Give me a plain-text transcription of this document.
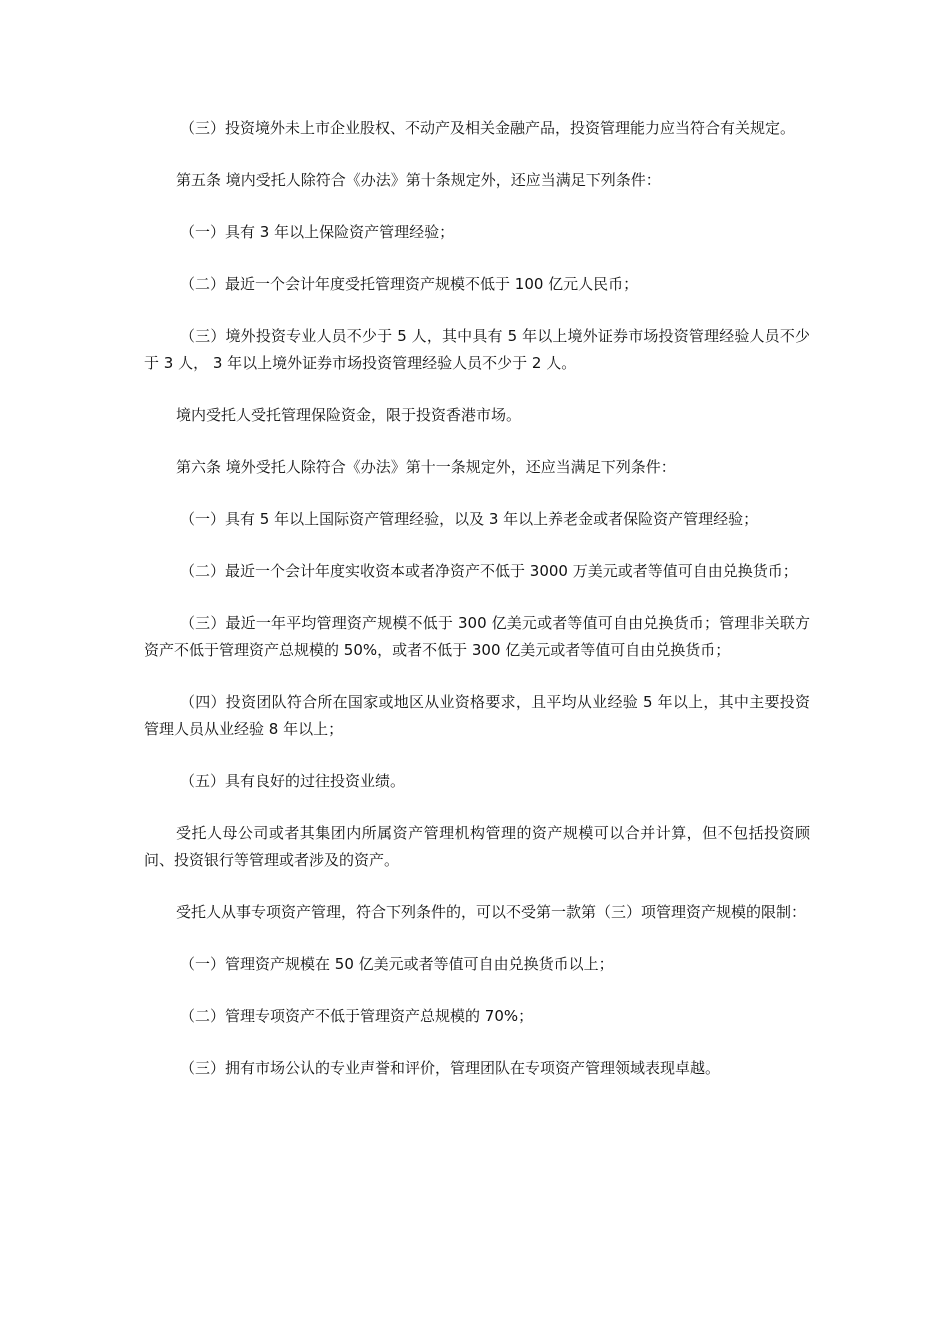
（三）投资境外未上市企业股权、不动产及相关金融产品，投资管理能力应当符合有关规定。

第五条 境内受托人除符合《办法》第十条规定外，还应当满足下列条件：

（一）具有 3 年以上保险资产管理经验；

（二）最近一个会计年度受托管理资产规模不低于 100 亿元人民币；

（三）境外投资专业人员不少于 5 人，其中具有 5 年以上境外证券市场投资管理经验人员不少于 3 人， 3 年以上境外证券市场投资管理经验人员不少于 2 人。

境内受托人受托管理保险资金，限于投资香港市场。

第六条 境外受托人除符合《办法》第十一条规定外，还应当满足下列条件：

（一）具有 5 年以上国际资产管理经验，以及 3 年以上养老金或者保险资产管理经验；

（二）最近一个会计年度实收资本或者净资产不低于 3000 万美元或者等值可自由兑换货币；

（三）最近一年平均管理资产规模不低于 300 亿美元或者等值可自由兑换货币；管理非关联方资产不低于管理资产总规模的 50%，或者不低于 300 亿美元或者等值可自由兑换货币；

（四）投资团队符合所在国家或地区从业资格要求，且平均从业经验 5 年以上，其中主要投资管理人员从业经验 8 年以上；

（五）具有良好的过往投资业绩。

受托人母公司或者其集团内所属资产管理机构管理的资产规模可以合并计算，但不包括投资顾问、投资银行等管理或者涉及的资产。

受托人从事专项资产管理，符合下列条件的，可以不受第一款第（三）项管理资产规模的限制：

（一）管理资产规模在 50 亿美元或者等值可自由兑换货币以上；

（二）管理专项资产不低于管理资产总规模的 70%；

（三）拥有市场公认的专业声誉和评价，管理团队在专项资产管理领域表现卓越。
